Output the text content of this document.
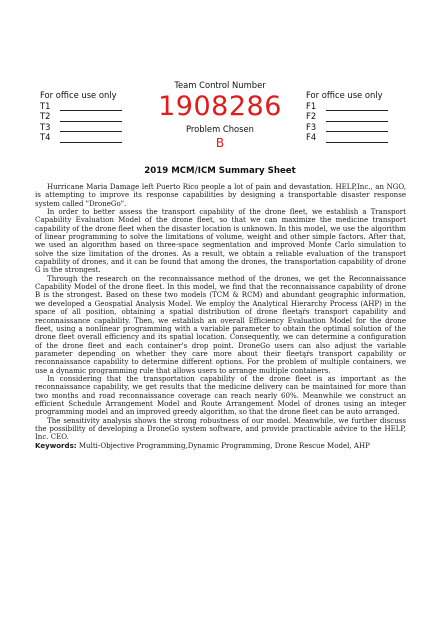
For office use only
T1
T2
T3
T4
Team Control Number
1908286
Problem Chosen
B
For office use only
F1
F2
F3
F4
2019 MCM/ICM Summary Sheet

Hurricane Maria Damage left Puerto Rico people a lot of pain and devastation. HELP,Inc., an NGO, is attempting to improve its response capabilities by designing a transportable disaster response system called "DroneGo".

In order to better assess the transport capability of the drone fleet, we establish a Transport Capability Evaluation Model of the drone fleet, so that we can maximize the medicine transport capability of the drone fleet when the disaster location is unknown. In this model, we use the algorithm of linear programming to solve the limitations of volume, weight and other simple factors. After that, we used an algorithm based on three-space segmentation and improved Monte Carlo simulation to solve the size limitation of the drones. As a result, we obtain a reliable evaluation of the transport capability of drones, and it can be found that among the drones, the transportation capability of drone G is the strongest.

Through the research on the reconnaissance method of the drones, we get the Reconnaissance Capability Model of the drone fleet. In this model, we find that the reconnaissance capability of drone B is the strongest. Based on these two models (TCM & RCM) and abundant geographic information, we developed a Geospatial Analysis Model. We employ the Analytical Hierarchy Process (AHP) in the space of all position, obtaining a spatial distribution of drone fleetąŕs transport capability and reconnaissance capability. Then, we establish an overall Efficiency Evaluation Model for the drone fleet, using a nonlinear programming with a variable parameter to obtain the optimal solution of the drone fleet overall efficiency and its spatial location. Consequently, we can determine a configuration of the drone fleet and each container's drop point. DroneGo users can also adjust the variable parameter depending on whether they care more about their fleetąŕs transport capability or reconnaissance capability to determine different options. For the problem of multiple containers, we use a dynamic programming rule that allows users to arrange multiple containers.

In considering that the transportation capability of the drone fleet is as important as the reconnaissance capability, we get results that the medicine delivery can be maintained for more than two months and road reconnaissance coverage can reach nearly 60%. Meanwhile we construct an efficient Schedule Arrangement Model and Route Arrangement Model of drones using an integer programming model and an improved greedy algorithm, so that the drone fleet can be auto arranged.

The sensitivity analysis shows the strong robustness of our model. Meanwhile, we further discuss the possibility of developing a DroneGo system software, and provide practicable advice to the HELP, Inc. CEO.

Keywords: Multi-Objective Programming,Dynamic Programming, Drone Rescue Model, AHP
